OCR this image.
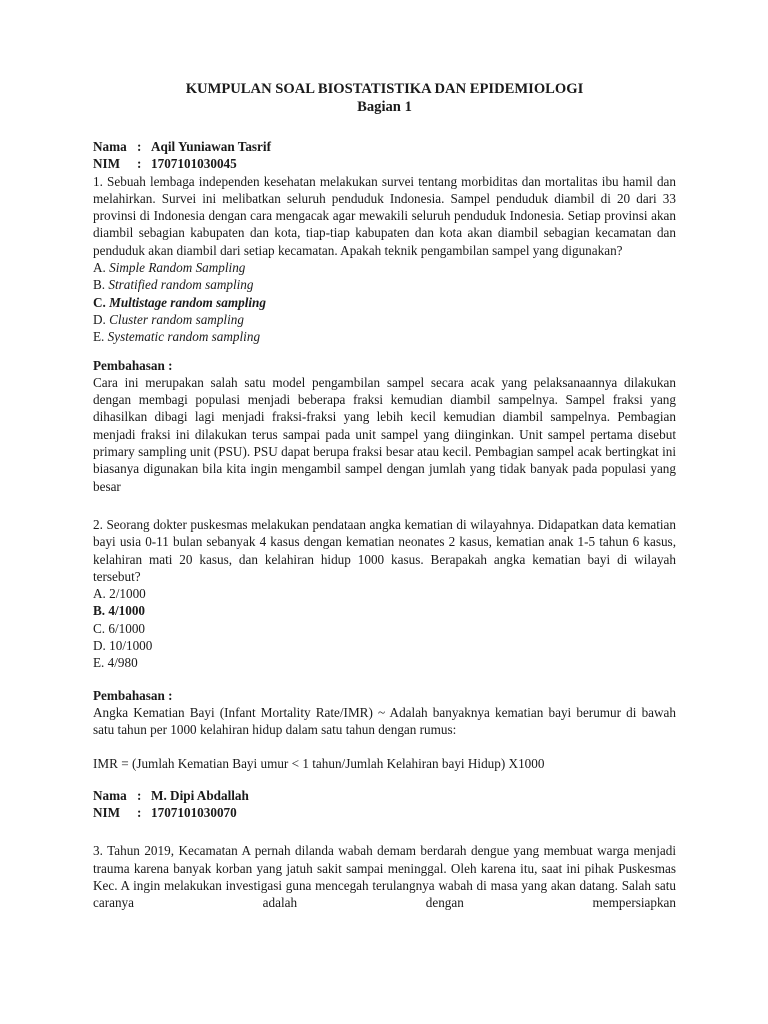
KUMPULAN SOAL BIOSTATISTIKA DAN EPIDEMIOLOGI
Bagian 1
Nama : Aqil Yuniawan Tasrif
NIM	: 1707101030045

1. Sebuah lembaga independen kesehatan melakukan survei tentang morbiditas dan mortalitas ibu hamil dan melahirkan. Survei ini melibatkan seluruh penduduk Indonesia. Sampel penduduk diambil di 20 dari 33 provinsi di Indonesia dengan cara mengacak agar mewakili seluruh penduduk Indonesia. Setiap provinsi akan diambil sebagian kabupaten dan kota, tiap-tiap kabupaten dan kota akan diambil sebagian kecamatan dan penduduk akan diambil dari setiap kecamatan. Apakah teknik pengambilan sampel yang digunakan?

A. Simple Random Sampling
B. Stratified random sampling
C. Multistage random sampling
D. Cluster random sampling
E. Systematic random sampling
Pembahasan :

Cara ini merupakan salah satu model pengambilan sampel secara acak yang pelaksanaannya dilakukan dengan membagi populasi menjadi beberapa fraksi kemudian diambil sampelnya. Sampel fraksi yang dihasilkan dibagi lagi menjadi fraksi-fraksi yang lebih kecil kemudian diambil sampelnya. Pembagian menjadi fraksi ini dilakukan terus sampai pada unit sampel yang diinginkan. Unit sampel pertama disebut primary sampling unit (PSU). PSU dapat berupa fraksi besar atau kecil. Pembagian sampel acak bertingkat ini biasanya digunakan bila kita ingin mengambil sampel dengan jumlah yang tidak banyak pada populasi yang besar

2. Seorang dokter puskesmas melakukan pendataan angka kematian di wilayahnya. Didapatkan data kematian bayi usia 0-11 bulan sebanyak 4 kasus dengan kematian neonates 2 kasus, kematian anak 1-5 tahun 6 kasus, kelahiran mati 20 kasus, dan kelahiran hidup 1000 kasus. Berapakah angka kematian bayi di wilayah tersebut?

A. 2/1000
B. 4/1000
C. 6/1000
D. 10/1000
E. 4/980
Pembahasan :

Angka Kematian Bayi (Infant Mortality Rate/IMR) ~ Adalah banyaknya kematian bayi berumur di bawah satu tahun per 1000 kelahiran hidup dalam satu tahun dengan rumus:

IMR = (Jumlah Kematian Bayi umur < 1 tahun/Jumlah Kelahiran bayi Hidup) X1000
Nama : M. Dipi Abdallah
NIM	: 1707101030070

3. Tahun 2019, Kecamatan A pernah dilanda wabah demam berdarah dengue yang membuat warga menjadi trauma karena banyak korban yang jatuh sakit sampai meninggal. Oleh karena itu, saat ini pihak Puskesmas Kec. A ingin melakukan investigasi guna mencegah terulangnya wabah di masa yang akan datang. Salah satu caranya adalah dengan mempersiapkan
